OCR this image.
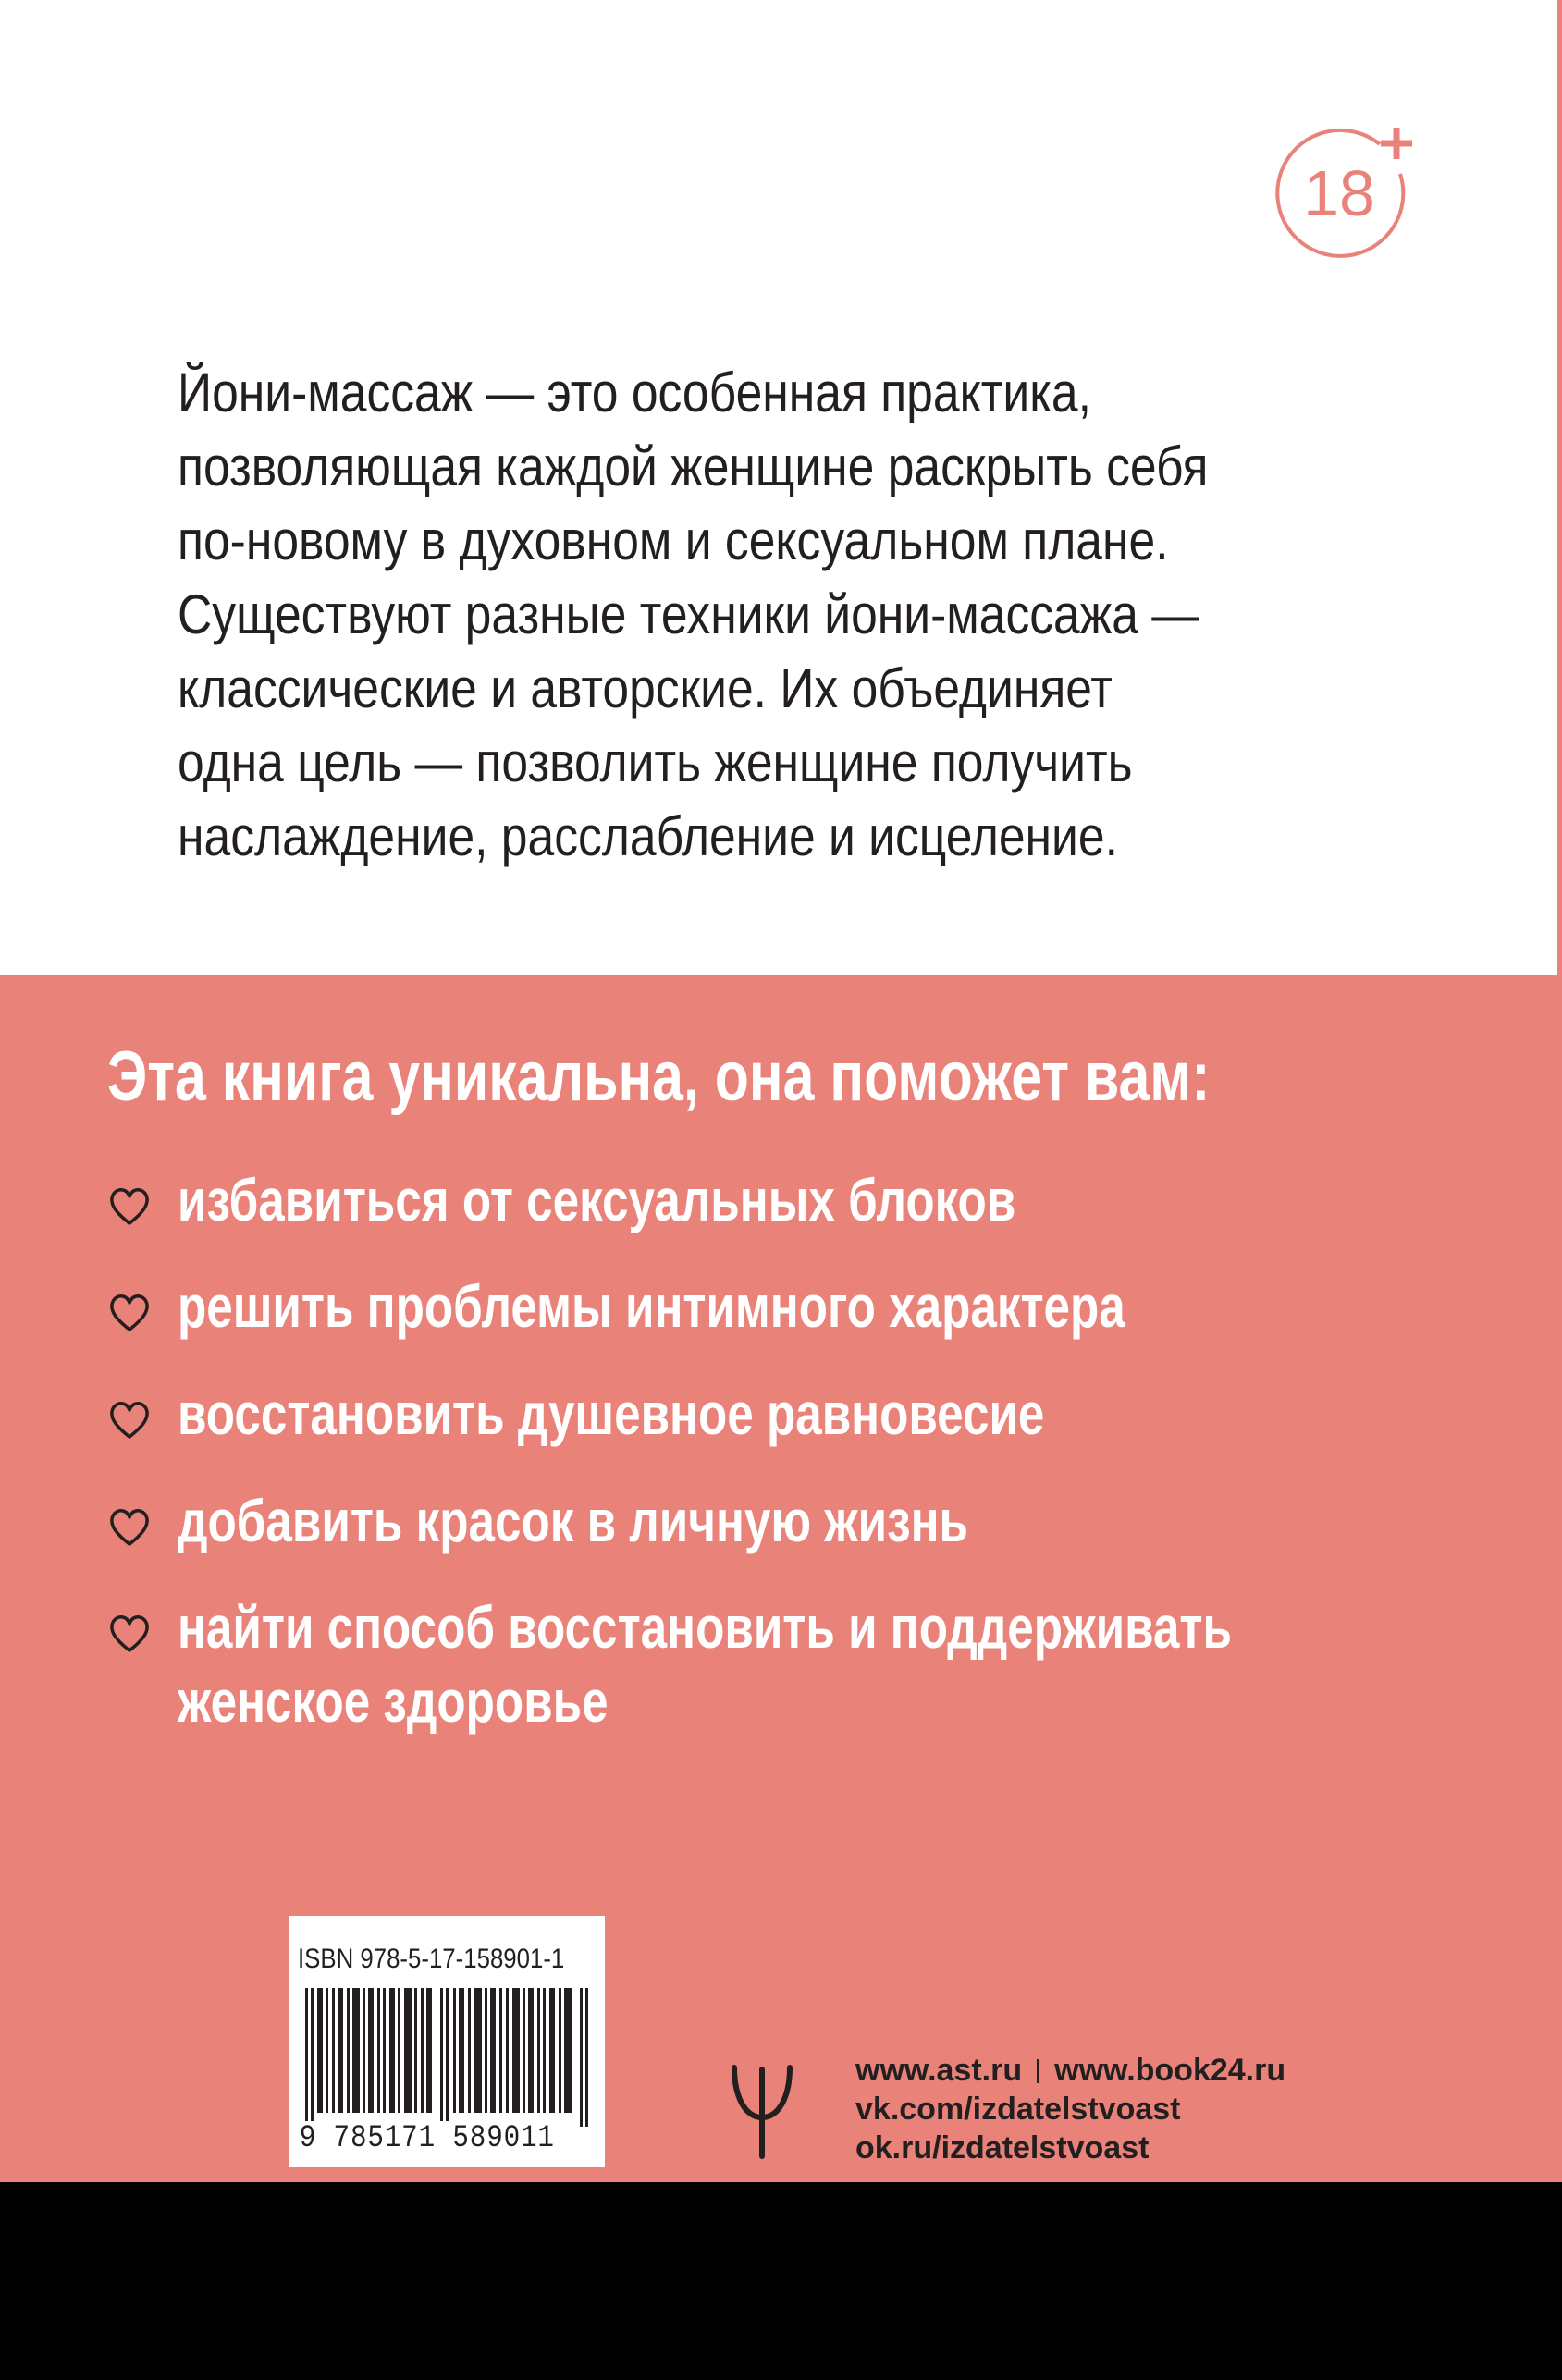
18
Йони-массаж — это особенная практика,
позволяющая каждой женщине раскрыть себя
по-новому в духовном и сексуальном плане.
Существуют разные техники йони-массажа —
классические и авторские. Их объединяет
одна цель — позволить женщине получить
наслаждение, расслабление и исцеление.
Эта книга уникальна, она поможет вам:
избавиться от сексуальных блоков
решить проблемы интимного характера
восстановить душевное равновесие
добавить красок в личную жизнь
найти способ восстановить и поддерживать
женское здоровье
ISBN 978-5-17-158901-1
9 785171 589011
www.ast.ru www.book24.ru
vk.com/izdatelstvoast
ok.ru/izdatelstvoast
